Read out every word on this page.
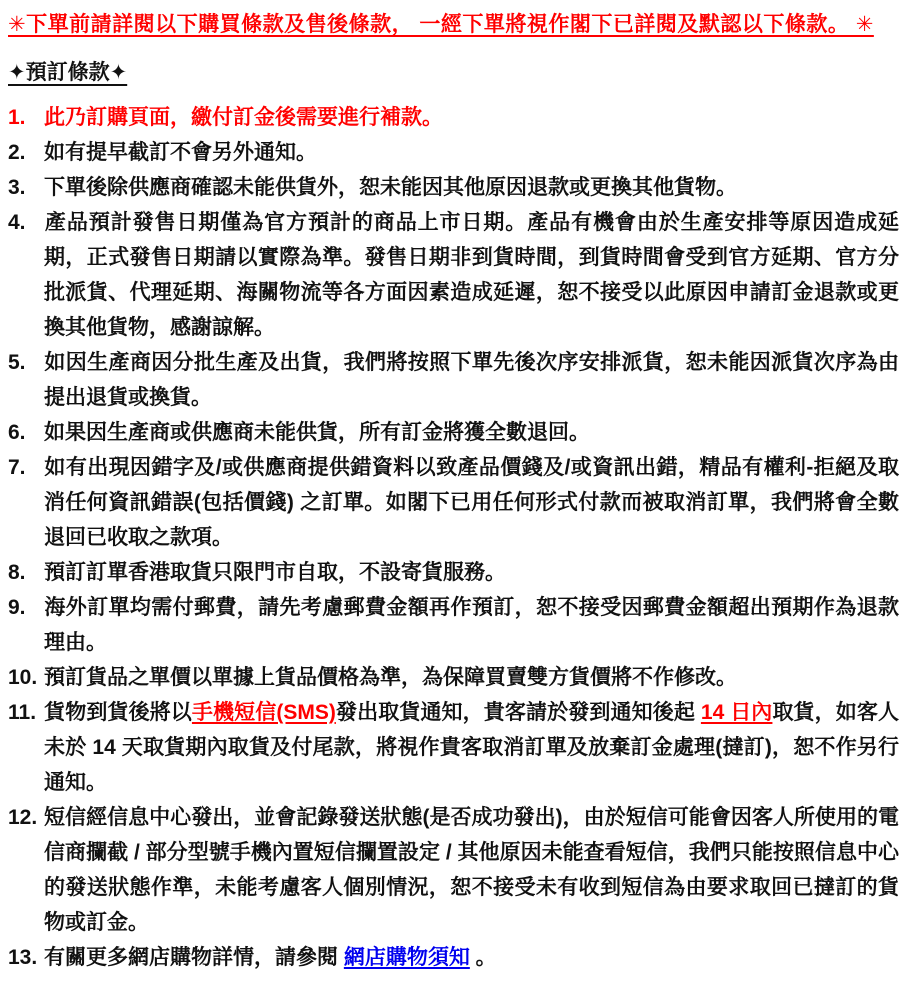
✳下單前請詳閱以下購買條款及售後條款， 一經下單將視作閣下已詳閱及默認以下條款。 ✳
✦預訂條款✦
1. 此乃訂購頁面，繳付訂金後需要進行補款。
2. 如有提早截訂不會另外通知。
3. 下單後除供應商確認未能供貨外，恕未能因其他原因退款或更換其他貨物。
4. 產品預計發售日期僅為官方預計的商品上市日期。產品有機會由於生產安排等原因造成延期，正式發售日期請以實際為準。發售日期非到貨時間，到貨時間會受到官方延期、官方分批派貨、代理延期、海關物流等各方面因素造成延遲，恕不接受以此原因申請訂金退款或更換其他貨物，感謝諒解。
5. 如因生產商因分批生產及出貨，我們將按照下單先後次序安排派貨，恕未能因派貨次序為由提出退貨或換貨。
6. 如果因生產商或供應商未能供貨，所有訂金將獲全數退回。
7. 如有出現因錯字及/或供應商提供錯資料以致產品價錢及/或資訊出錯，精品有權利-拒絕及取消任何資訊錯誤(包括價錢) 之訂單。如閣下已用任何形式付款而被取消訂單，我們將會全數退回已收取之款項。
8. 預訂訂單香港取貨只限門市自取，不設寄貨服務。
9. 海外訂單均需付郵費，請先考慮郵費金額再作預訂，恕不接受因郵費金額超出預期作為退款理由。
10. 預訂貨品之單價以單據上貨品價格為準，為保障買賣雙方貨價將不作修改。
11. 貨物到貨後將以手機短信(SMS)發出取貨通知，貴客請於發到通知後起 14 日內取貨，如客人未於 14 天取貨期內取貨及付尾款，將視作貴客取消訂單及放棄訂金處理(撻訂)，恕不作另行通知。
12. 短信經信息中心發出，並會記錄發送狀態(是否成功發出)，由於短信可能會因客人所使用的電信商攔截 / 部分型號手機內置短信攔置設定 / 其他原因未能查看短信，我們只能按照信息中心的發送狀態作準，未能考慮客人個別情況，恕不接受未有收到短信為由要求取回已撻訂的貨物或訂金。
13. 有關更多網店購物詳情，請參閱 網店購物須知 。
